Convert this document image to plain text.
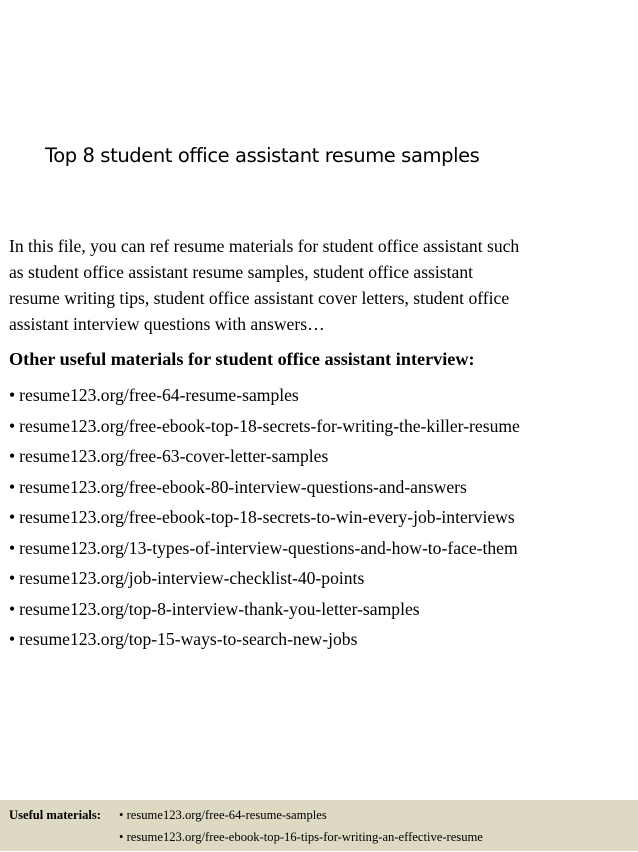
Top 8 student office assistant resume samples

In this file, you can ref resume materials for student office assistant such
as student office assistant resume samples, student office assistant
resume writing tips, student office assistant cover letters, student office
assistant interview questions with answers…

Other useful materials for student office assistant interview:
• resume123.org/free-64-resume-samples
• resume123.org/free-ebook-top-18-secrets-for-writing-the-killer-resume
• resume123.org/free-63-cover-letter-samples
• resume123.org/free-ebook-80-interview-questions-and-answers
• resume123.org/free-ebook-top-18-secrets-to-win-every-job-interviews
• resume123.org/13-types-of-interview-questions-and-how-to-face-them
• resume123.org/job-interview-checklist-40-points
• resume123.org/top-8-interview-thank-you-letter-samples
• resume123.org/top-15-ways-to-search-new-jobs
Useful materials: • resume123.org/free-64-resume-samples
• resume123.org/free-ebook-top-16-tips-for-writing-an-effective-resume
